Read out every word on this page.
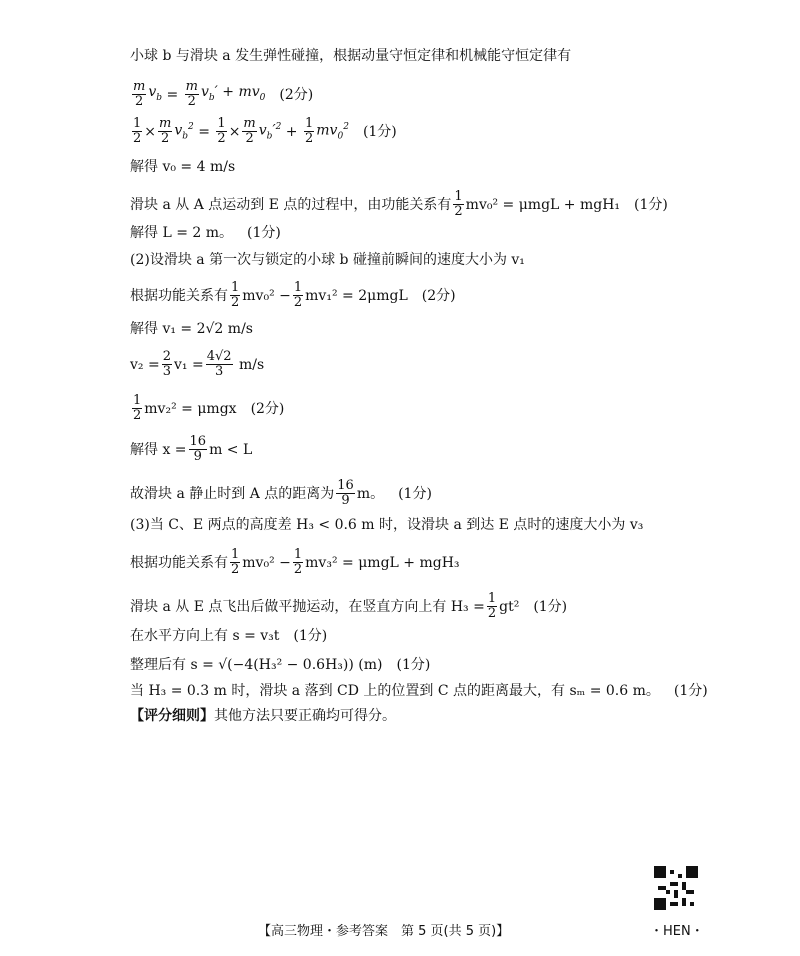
小球 b 与滑块 a 发生弹性碰撞，根据动量守恒定律和机械能守恒定律有
$\frac{m}{2} v_b = \frac{m}{2} v_b' + mv_0$ (2分)
$\frac{1}{2} \times \frac{m}{2} v_b^2 = \frac{1}{2} \times \frac{m}{2} v_b'^2 + \frac{1}{2} mv_0^2$ (1分)
解得 v₀ = 4 m/s
滑块 a 从 A 点运动到 E 点的过程中，由功能关系有 $\frac{1}{2} mv_0^2 = \mu mgL + mgH_1$ (1分)
解得 L = 2 m。 (1分)
(2)设滑块 a 第一次与锁定的小球 b 碰撞前瞬间的速度大小为 v₁
根据功能关系有 $\frac{1}{2} mv_0^2 - \frac{1}{2} mv_1^2 = 2\mu mgL$ (2分)
解得 v₁ = 2√2 m/s
$v_2 = \frac{2}{3} v_1 = \frac{4√2}{3}$
m/s
$\frac{1}{2} mv_2^2 = \mu mgx$ (2分)
解得 $x = \frac{16}{9}$ m < L
故滑块 a 静止时到 A 点的距离为 $\frac{16}{9}$ m。 (1分)
(3)当 C、E 两点的高度差 H₃ < 0.6 m 时，设滑块 a 到达 E 点时的速度大小为 v₃
根据功能关系有 $\frac{1}{2} mv_0^2 - \frac{1}{2} mv_3^2 = \mu mgL + mgH_3$
滑块 a 从 E 点飞出后做平抛运动，在竖直方向上有 $H_3 = \frac{1}{2} gt^2$ (1分)
在水平方向上有 s = v₃t (1分)
整理后有 s = √(−4(H₃² − 0.6H₃)) (m) (1分)
当 H₃ = 0.3 m 时，滑块 a 落到 CD 上的位置到 C 点的距离最大，有 sₘ = 0.6 m。 (1分)
【评分细则】 其他方法只要正确均可得分。
【高三物理・参考答案　第 5 页(共 5 页)】	・HEN・
